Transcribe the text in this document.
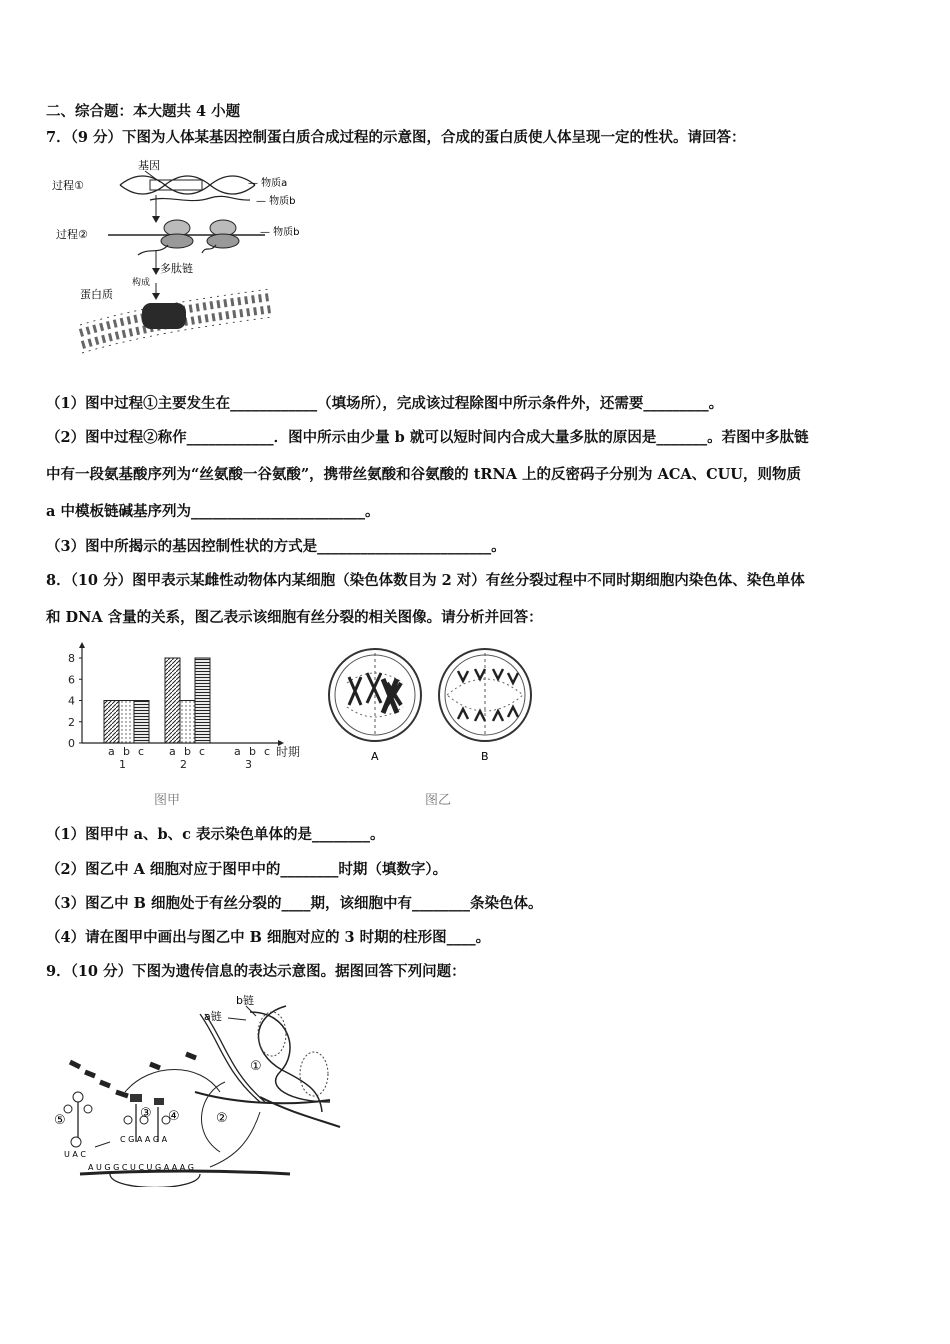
二、综合题：本大题共 4 小题
7．（9 分）下图为人体某基因控制蛋白质合成过程的示意图，合成的蛋白质使人体呈现一定的性状。请回答：
基因
过程①	— 物质a
— 物质b
过程②	— 物质b
多肽链
构成
蛋白质
（1）图中过程①主要发生在____________（填场所），完成该过程除图中所示条件外，还需要_________。
（2）图中过程②称作____________．图中所示由少量 b 就可以短时间内合成大量多肽的原因是_______。若图中多肽链
中有一段氨基酸序列为“丝氨酸一谷氨酸”，携带丝氨酸和谷氨酸的 tRNA 上的反密码子分别为 ACA、CUU，则物质
a 中模板链碱基序列为________________________。
（3）图中所揭示的基因控制性状的方式是________________________。
8．（10 分）图甲表示某雌性动物体内某细胞（染色体数目为 2 对）有丝分裂过程中不同时期细胞内染色体、染色单体
和 DNA 含量的关系，图乙表示该细胞有丝分裂的相关图像。请分析并回答：
0
2
4
6
8
a b c
1
a b c
2
a b c
3
时期
图甲
A	B
图乙
（1）图甲中 a、b、c 表示染色单体的是________。
（2）图乙中 A 细胞对应于图甲中的________时期（填数字）。
（3）图乙中 B 细胞处于有丝分裂的____期，该细胞中有________条染色体。
（4）请在图甲中画出与图乙中 B 细胞对应的 3 时期的柱形图____。
9．（10 分）下图为遗传信息的表达示意图。据图回答下列问题：
b链
a链
①
②
⑤
U A C
③ ④
C G A A G A
A U G G C U C U G A A A G
